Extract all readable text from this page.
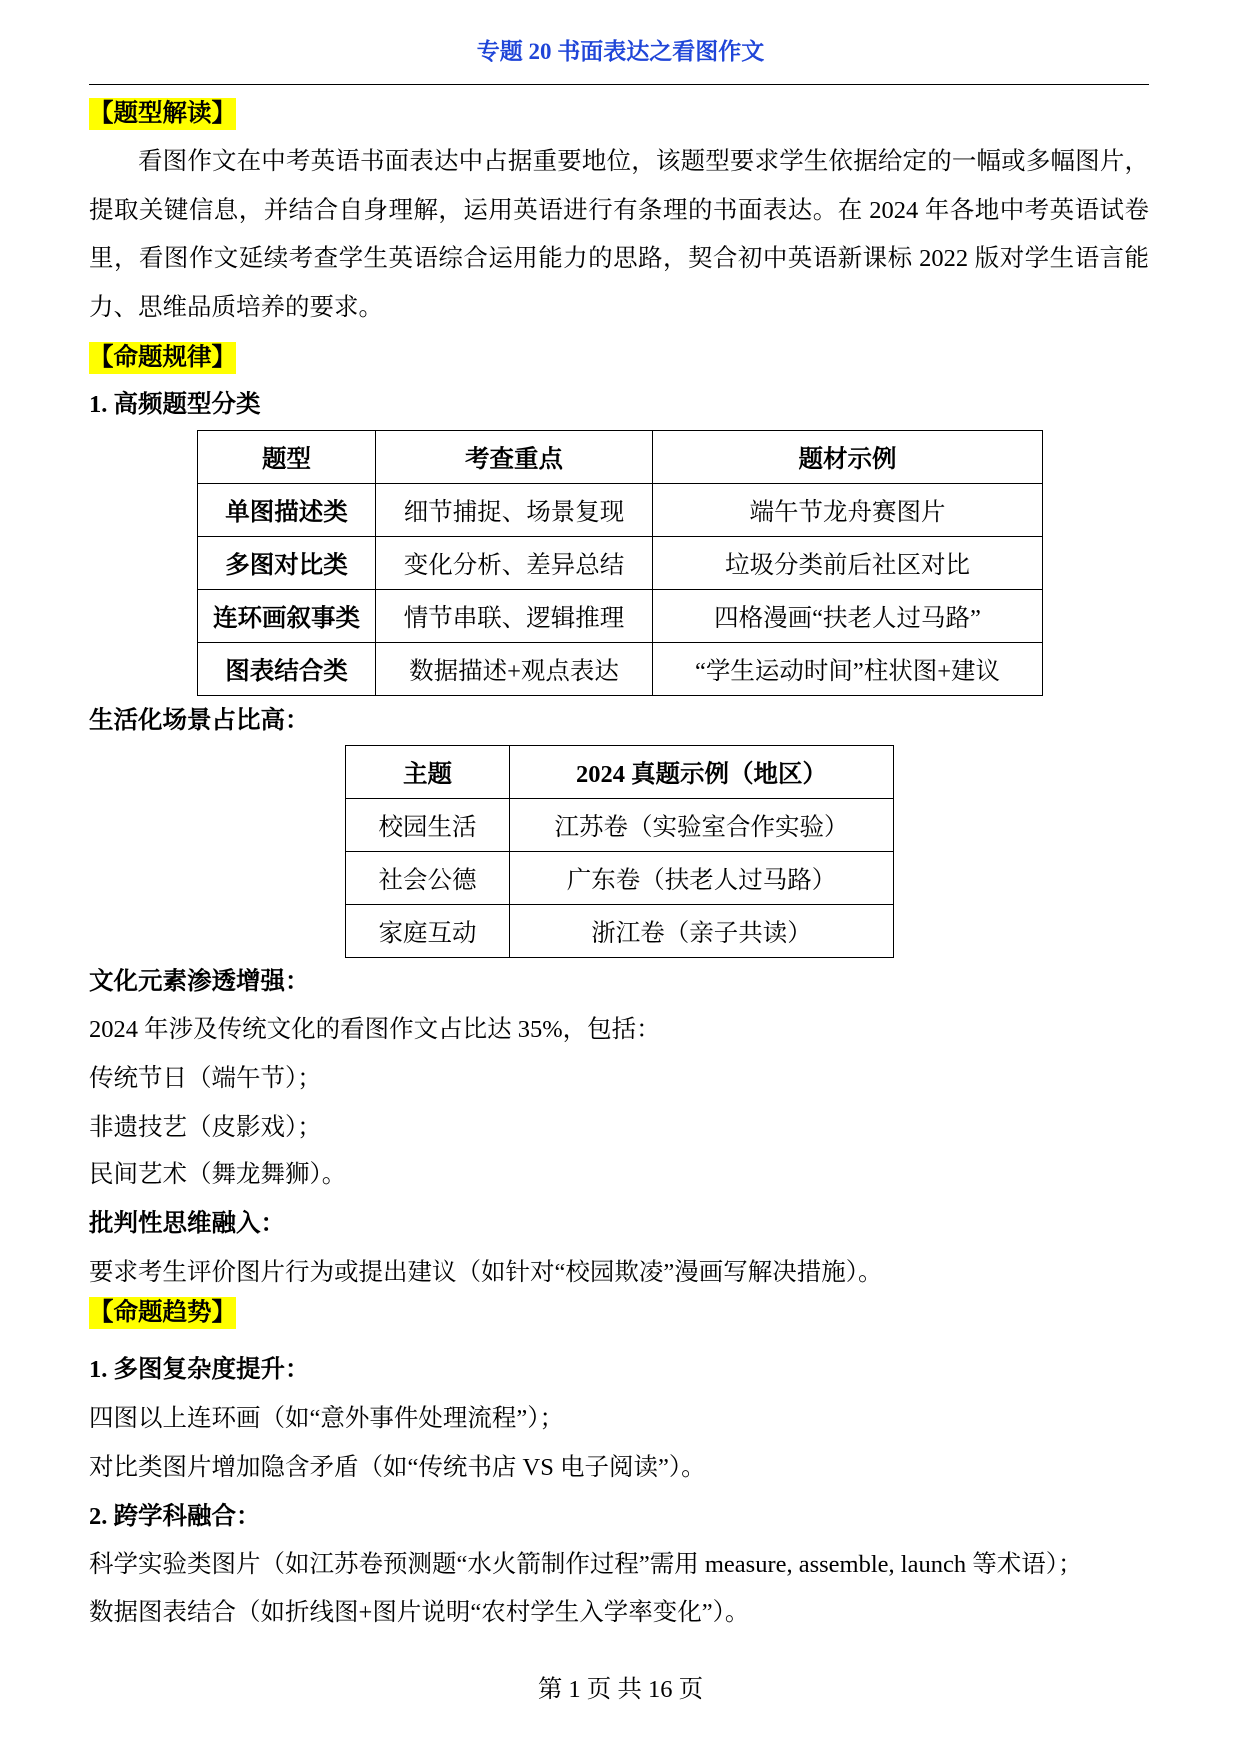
专题 20 书面表达之看图作文
【题型解读】
看图作文在中考英语书面表达中占据重要地位，该题型要求学生依据给定的一幅或多幅图片，提取关键信息，并结合自身理解，运用英语进行有条理的书面表达。在 2024 年各地中考英语试卷里，看图作文延续考查学生英语综合运用能力的思路，契合初中英语新课标 2022 版对学生语言能力、思维品质培养的要求。
【命题规律】
1. 高频题型分类
题型	考查重点	题材示例
单图描述类	细节捕捉、场景复现	端午节龙舟赛图片
多图对比类	变化分析、差异总结	垃圾分类前后社区对比
连环画叙事类	情节串联、逻辑推理	四格漫画“扶老人过马路”
图表结合类	数据描述+观点表达	“学生运动时间”柱状图+建议
生活化场景占比高：
主题	2024 真题示例（地区）
校园生活	江苏卷（实验室合作实验）
社会公德	广东卷（扶老人过马路）
家庭互动	浙江卷（亲子共读）
文化元素渗透增强：
2024 年涉及传统文化的看图作文占比达 35%，包括：
传统节日（端午节）；
非遗技艺（皮影戏）；
民间艺术（舞龙舞狮）。
批判性思维融入：
要求考生评价图片行为或提出建议（如针对“校园欺凌”漫画写解决措施）。
【命题趋势】
1. 多图复杂度提升：
四图以上连环画（如“意外事件处理流程”）；
对比类图片增加隐含矛盾（如“传统书店 VS 电子阅读”）。
2. 跨学科融合：
科学实验类图片（如江苏卷预测题“水火箭制作过程”需用 measure, assemble, launch 等术语）；
数据图表结合（如折线图+图片说明“农村学生入学率变化”）。
第 1 页 共 16 页
